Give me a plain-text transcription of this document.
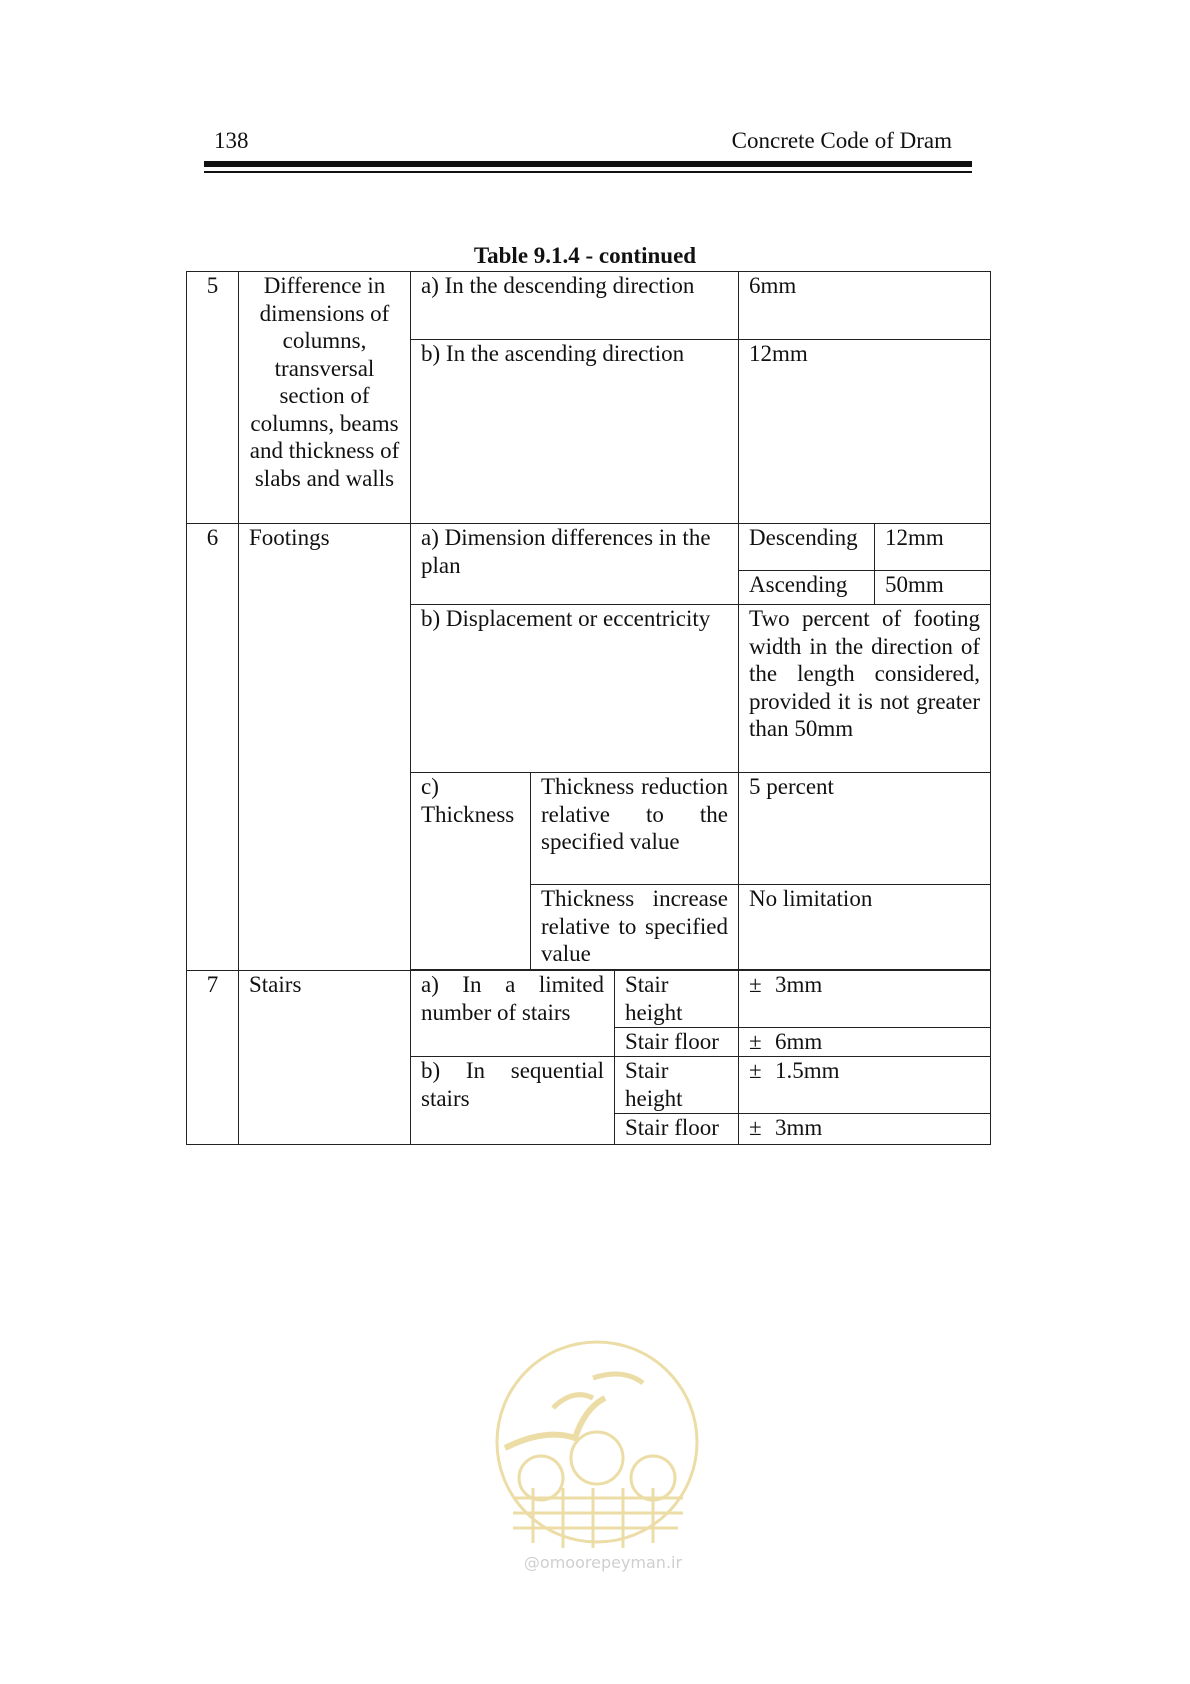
138	Concrete Code of Dram
Table 9.1.4 - continued
5	Difference in dimensions of columns, transversal section of columns, beams and thickness of slabs and walls	a) In the descending direction			6mm	
		b) In the ascending direction			12mm	
6	Footings	a) Dimension differences in the plan			Descending	12mm
					Ascending	50mm
		b) Displacement or eccentricity			Two percent of footing width in the direction of the length considered, provided it is not greater than 50mm	
		c) Thickness	Thickness reduction relative to the specified value		5 percent	
			Thickness increase relative to specified value		No limitation	

7	Stairs	a) In a limited number of stairs		Stair height	± 3mm	
				Stair floor	± 6mm	
		b) In sequential stairs		Stair height	± 1.5mm	
				Stair floor	± 3mm	
@omoorepeyman.ir
